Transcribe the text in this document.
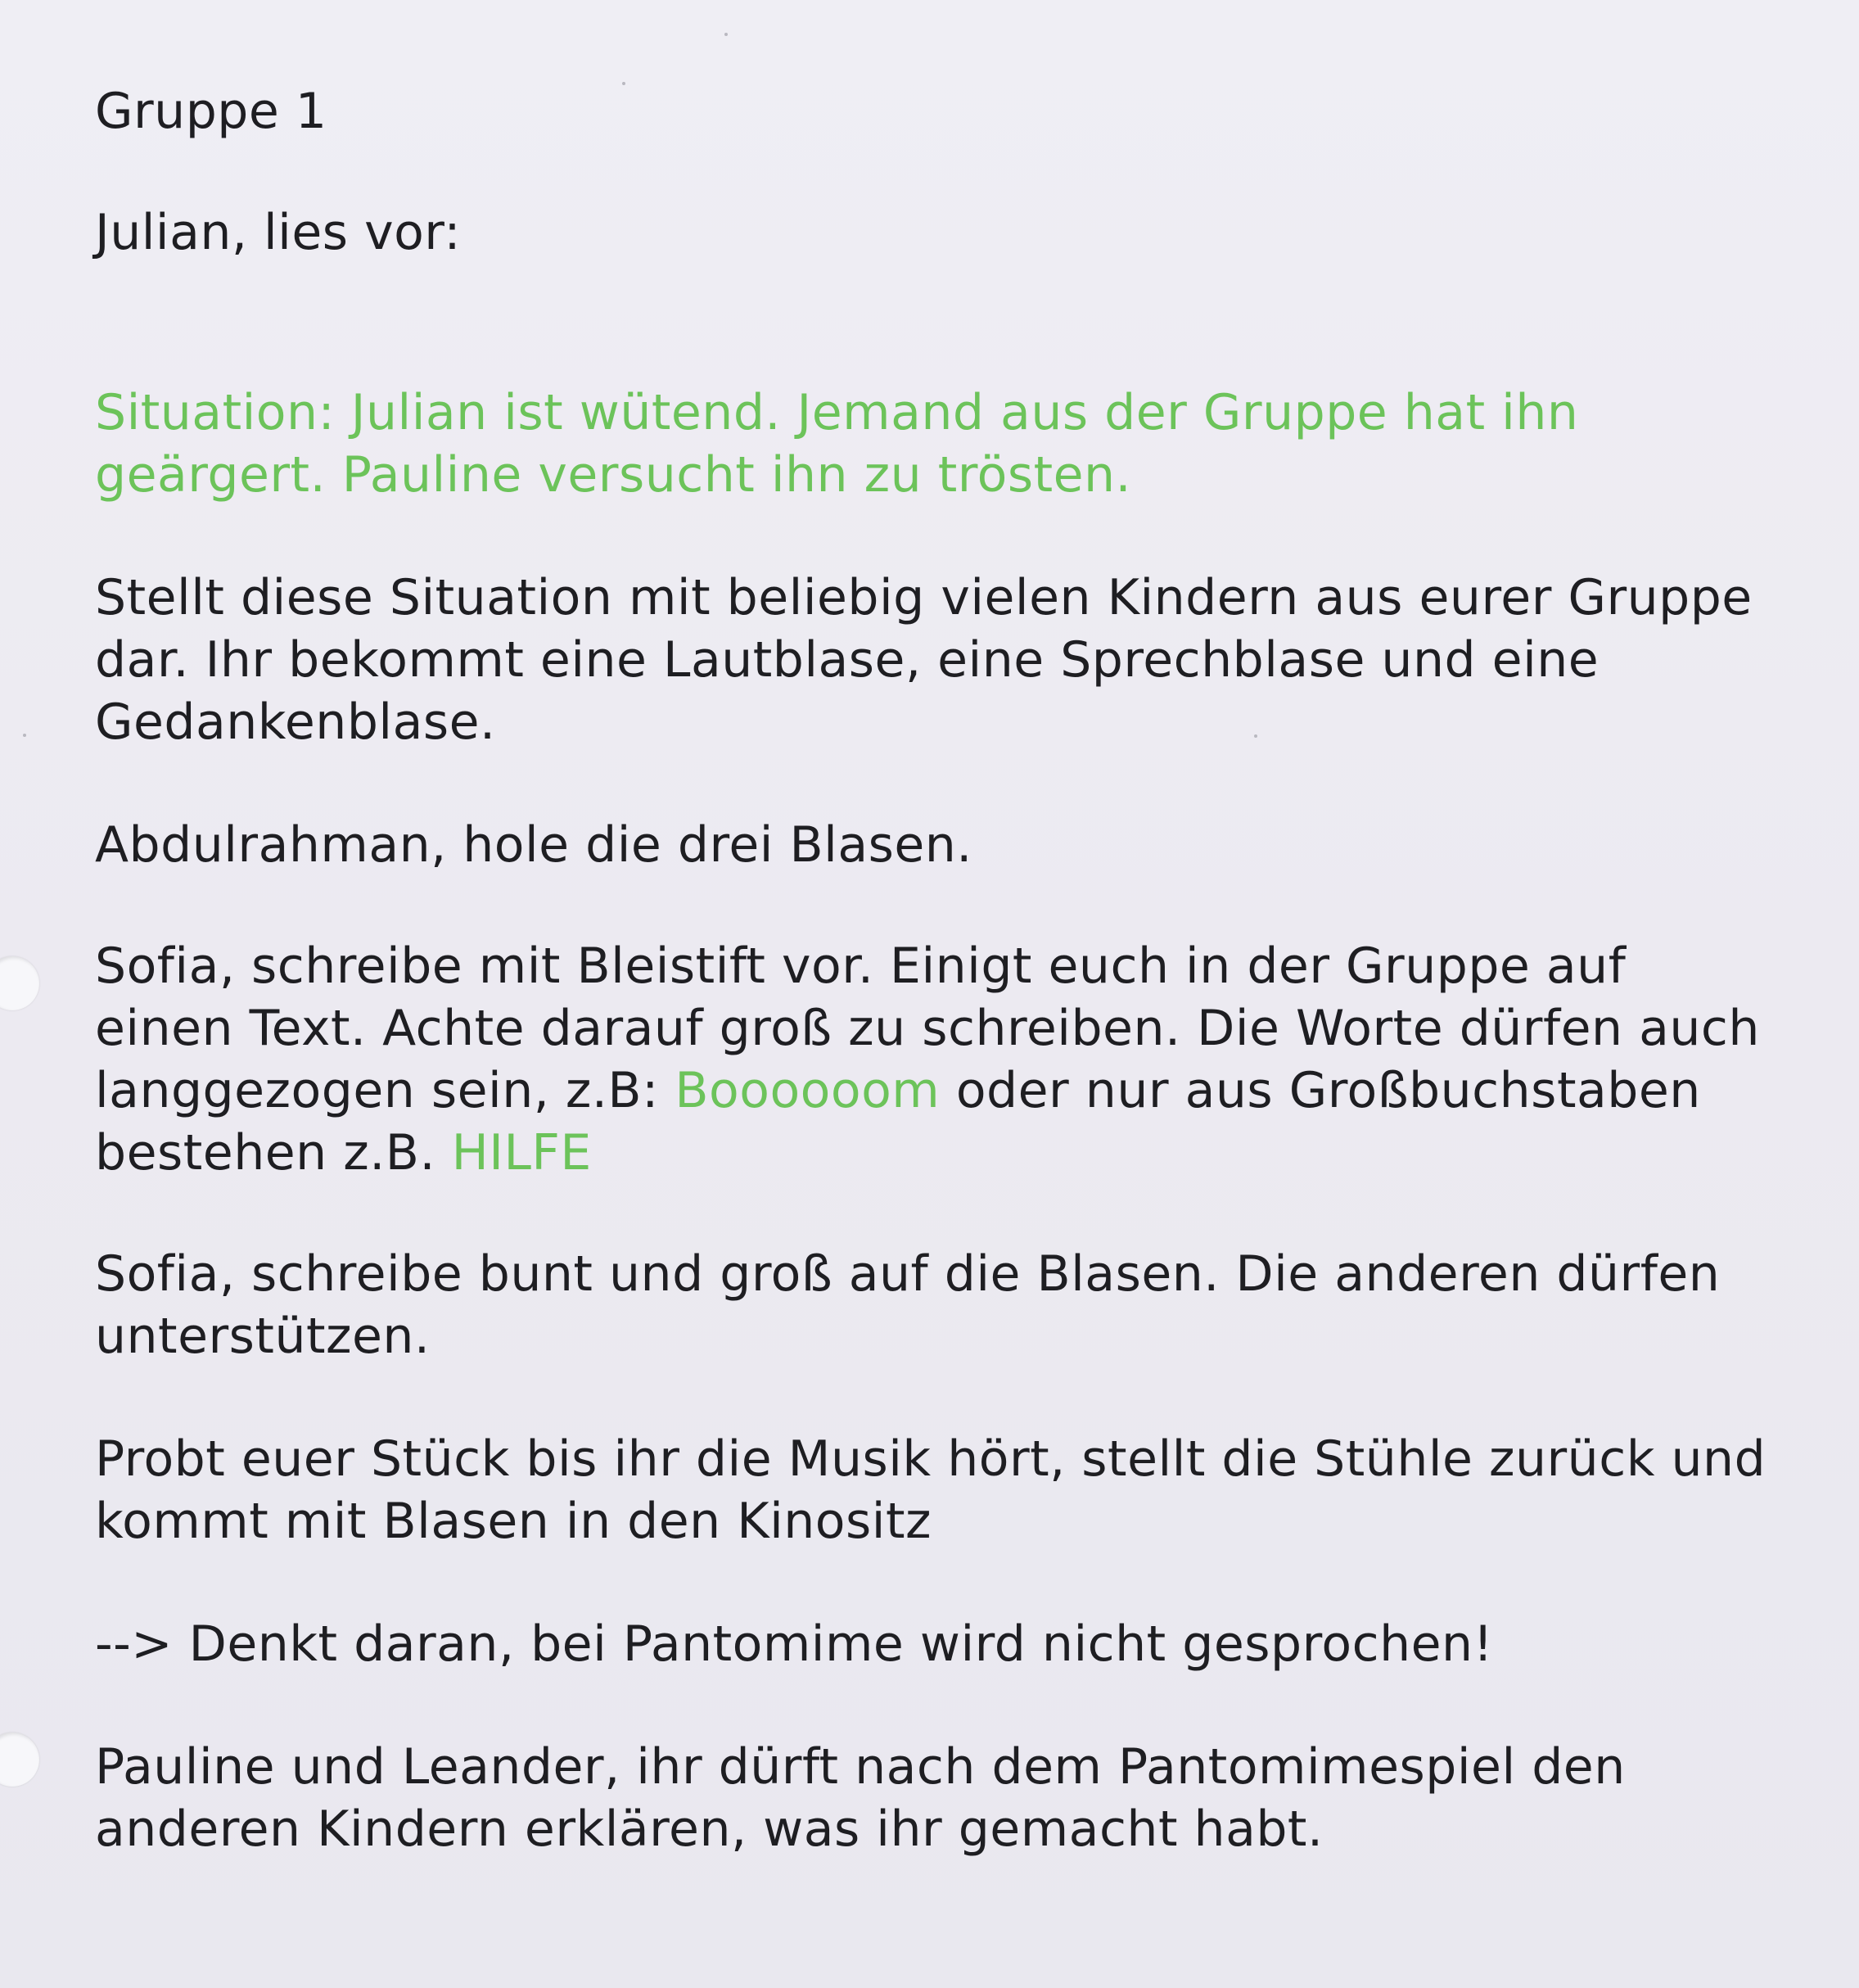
Gruppe 1

Julian, lies vor:

Situation: Julian ist wütend. Jemand aus der Gruppe hat ihn
geärgert. Pauline versucht ihn zu trösten.

Stellt diese Situation mit beliebig vielen Kindern aus eurer Gruppe
dar. Ihr bekommt eine Lautblase, eine Sprechblase und eine
Gedankenblase.

Abdulrahman, hole die drei Blasen.

Sofia, schreibe mit Bleistift vor. Einigt euch in der Gruppe auf
einen Text. Achte darauf groß zu schreiben. Die Worte dürfen auch
langgezogen sein, z.B: Boooooom oder nur aus Großbuchstaben
bestehen z.B. HILFE

Sofia, schreibe bunt und groß auf die Blasen. Die anderen dürfen
unterstützen.

Probt euer Stück bis ihr die Musik hört, stellt die Stühle zurück und
kommt mit Blasen in den Kinositz

--> Denkt daran, bei Pantomime wird nicht gesprochen!

Pauline und Leander, ihr dürft nach dem Pantomimespiel den
anderen Kindern erklären, was ihr gemacht habt.
